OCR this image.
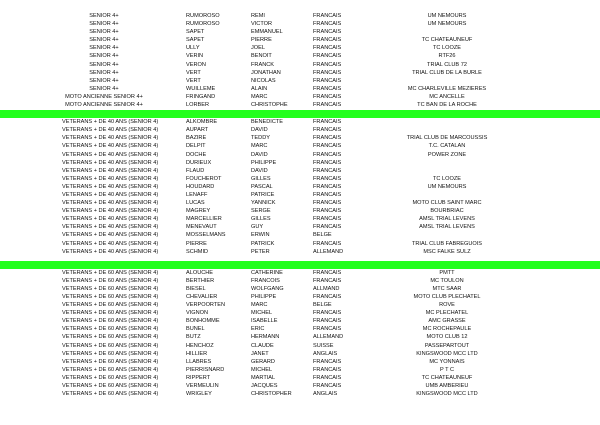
SENIOR 4+	RUMOROSO	REMI	FRANCAIS	UM NEMOURS
SENIOR 4+	RUMOROSO	VICTOR	FRANCAIS	UM NEMOURS
SENIOR 4+	SAPET	EMMANUEL	FRANCAIS
SENIOR 4+	SAPET	PIERRE	FRANCAIS	TC CHATEAUNEUF
SENIOR 4+	ULLY	JOEL	FRANCAIS	TC LOOZE
SENIOR 4+	VERIN	BENOIT	FRANCAIS	RTF26
SENIOR 4+	VERON	FRANCK	FRANCAIS	TRIAL CLUB 72
SENIOR 4+	VERT	JONATHAN	FRANCAIS	TRIAL CLUB DE LA BURLE
SENIOR 4+	VERT	NICOLAS	FRANCAIS
SENIOR 4+	WUILLEME	ALAIN	FRANCAIS	MC CHARLEVILLE MEZIERES
MOTO ANCIENNE SENIOR 4+	FRINGAND	MARC	FRANCAIS	MC ANCELLE
MOTO ANCIENNE SENIOR 4+	LORBER	CHRISTOPHE	FRANCAIS	TC BAN DE LA ROCHE
VETERANS + DE 40 ANS (SENIOR 4)	ALKOMBRE	BENEDICTE	FRANCAIS
VETERANS + DE 40 ANS (SENIOR 4)	AUPART	DAVID	FRANCAIS
VETERANS + DE 40 ANS (SENIOR 4)	BAZIRE	TEDDY	FRANCAIS	TRIAL CLUB DE MARCOUSSIS
VETERANS + DE 40 ANS (SENIOR 4)	DELPIT	MARC	FRANCAIS	T.C. CATALAN
VETERANS + DE 40 ANS (SENIOR 4)	DOCHE	DAVID	FRANCAIS	POWER ZONE
VETERANS + DE 40 ANS (SENIOR 4)	DURIEUX	PHILIPPE	FRANCAIS
VETERANS + DE 40 ANS (SENIOR 4)	FLAUD	DAVID	FRANCAIS
VETERANS + DE 40 ANS (SENIOR 4)	FOUCHEROT	GILLES	FRANCAIS	TC LOOZE
VETERANS + DE 40 ANS (SENIOR 4)	HOUDARD	PASCAL	FRANCAIS	UM NEMOURS
VETERANS + DE 40 ANS (SENIOR 4)	LENAFF	PATRICE	FRANCAIS
VETERANS + DE 40 ANS (SENIOR 4)	LUCAS	YANNICK	FRANCAIS	MOTO CLUB SAINT MARC
VETERANS + DE 40 ANS (SENIOR 4)	MAGREY	SERGE	FRANCAIS	BOURBRIAC
VETERANS + DE 40 ANS (SENIOR 4)	MARCELLIER	GILLES	FRANCAIS	AMSL TRIAL LEVENS
VETERANS + DE 40 ANS (SENIOR 4)	MENEVAUT	GUY	FRANCAIS	AMSL TRIAL LEVENS
VETERANS + DE 40 ANS (SENIOR 4)	MOSSELMANS	ERWIN	BELGE
VETERANS + DE 40 ANS (SENIOR 4)	PIERRE	PATRICK	FRANCAIS	TRIAL CLUB FABREGUOIS
VETERANS + DE 40 ANS (SENIOR 4)	SCHMID	PETER	ALLEMAND	MSC FALKE SULZ
VETERANS + DE 60 ANS (SENIOR 4)	ALOUCHE	CATHERINE	FRANCAIS	PMTT
VETERANS + DE 60 ANS (SENIOR 4)	BERTHIER	FRANCOIS	FRANCAIS	MC TOULON
VETERANS + DE 60 ANS (SENIOR 4)	BIESEL	WOLFGANG	ALLMAND	MTC SAAR
VETERANS + DE 60 ANS (SENIOR 4)	CHEVALIER	PHILIPPE	FRANCAIS	MOTO CLUB PLECHATEL
VETERANS + DE 60 ANS (SENIOR 4)	VERPOORTEN	MARC	BELGE	ROVE
VETERANS + DE 60 ANS (SENIOR 4)	VIGNON	MICHEL	FRANCAIS	MC PLECHATEL
VETERANS + DE 60 ANS (SENIOR 4)	BONHOMME	ISABELLE	FRANCAIS	AMC GRASSE
VETERANS + DE 60 ANS (SENIOR 4)	BUNEL	ERIC	FRANCAIS	MC ROCHEPAULE
VETERANS + DE 60 ANS (SENIOR 4)	BUTZ	HERMANN	ALLEMAND	MOTO CLUB 12
VETERANS + DE 60 ANS (SENIOR 4)	HENCHOZ	CLAUDE	SUISSE	PASSEPARTOUT
VETERANS + DE 60 ANS (SENIOR 4)	HILLIER	JANET	ANGLAIS	KINGSWOOD MCC LTD
VETERANS + DE 60 ANS (SENIOR 4)	LLABRES	GERARD	FRANCAIS	MC YONNAIS
VETERANS + DE 60 ANS (SENIOR 4)	PIERRISNARD	MICHEL	FRANCAIS	P T C
VETERANS + DE 60 ANS (SENIOR 4)	RIPPERT	MARTIAL	FRANCAIS	TC CHATEAUNEUF
VETERANS + DE 60 ANS (SENIOR 4)	VERMEULIN	JACQUES	FRANCAIS	UMB AMBERIEU
VETERANS + DE 60 ANS (SENIOR 4)	WRIGLEY	CHRISTOPHER	ANGLAIS	KINGSWOOD MCC LTD
